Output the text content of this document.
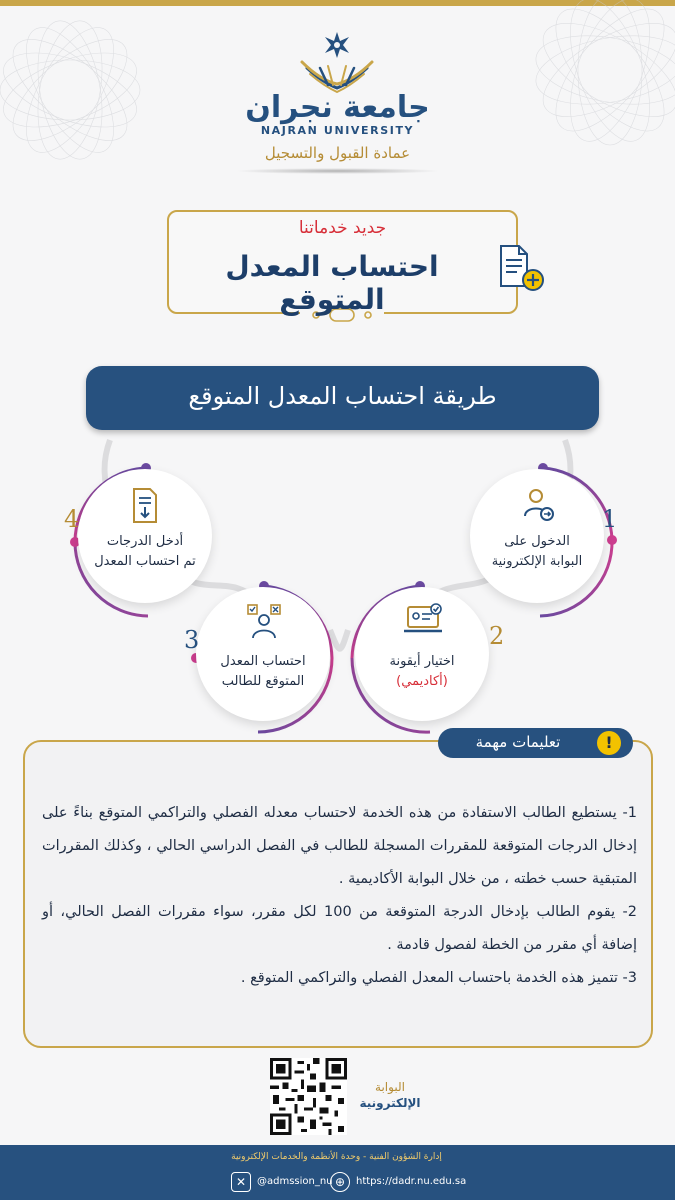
جامعة نجران
NAJRAN UNIVERSITY
عمادة القبول والتسجيل
جديد خدماتنا
احتساب المعدل المتوقع
طريقة احتساب المعدل المتوقع
الدخول على
البوابة الإلكترونية
1
أدخل الدرجات
تم احتساب المعدل
4
اختيار أيقونة
(أكاديمي)
2
احتساب المعدل
المتوقع للطالب
3
!
تعليمات مهمة

1- يستطيع الطالب الاستفادة من هذه الخدمة لاحتساب معدله الفصلي والتراكمي المتوقع بناءً على إدخال الدرجات المتوقعة للمقررات المسجلة للطالب في الفصل الدراسي الحالي ، وكذلك المقررات المتبقية حسب خطته ، من خلال البوابة الأكاديمية .

2- يقوم الطالب بإدخال الدرجة المتوقعة من 100 لكل مقرر، سواء مقررات الفصل الحالي، أو إضافة أي مقرر من الخطة لفصول قادمة .

3- تتميز هذه الخدمة باحتساب المعدل الفصلي والتراكمي المتوقع .

البوابة
الإلكترونية
إدارة الشؤون الفنية - وحدة الأنظمة والخدمات الإلكترونية
✕	@admssion_nu ⊕	https://dadr.nu.edu.sa
